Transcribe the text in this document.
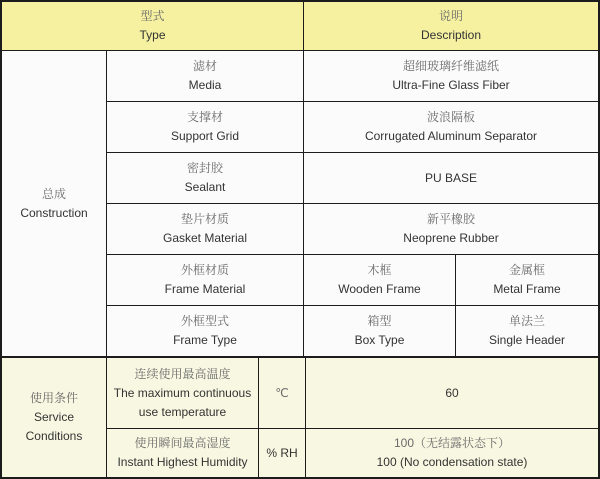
型式
Type
说明
Description
总成
Construction
滤材
Media
超细玻璃纤维滤纸
Ultra-Fine Glass Fiber
支撑材
Support Grid
波浪隔板
Corrugated Aluminum Separator
密封胶
Sealant
PU BASE
垫片材质
Gasket Material
新平橡胶
Neoprene Rubber
外框材质
Frame Material
木框
Wooden Frame
金属框
Metal Frame
外框型式
Frame Type
箱型
Box Type
单法兰
Single Header
使用条件
Service
Conditions
连续使用最高温度
The maximum continuous
use temperature
℃	60
使用瞬间最高湿度
Instant Highest Humidity
% RH
100（无结露状态下）
100 (No condensation state)
